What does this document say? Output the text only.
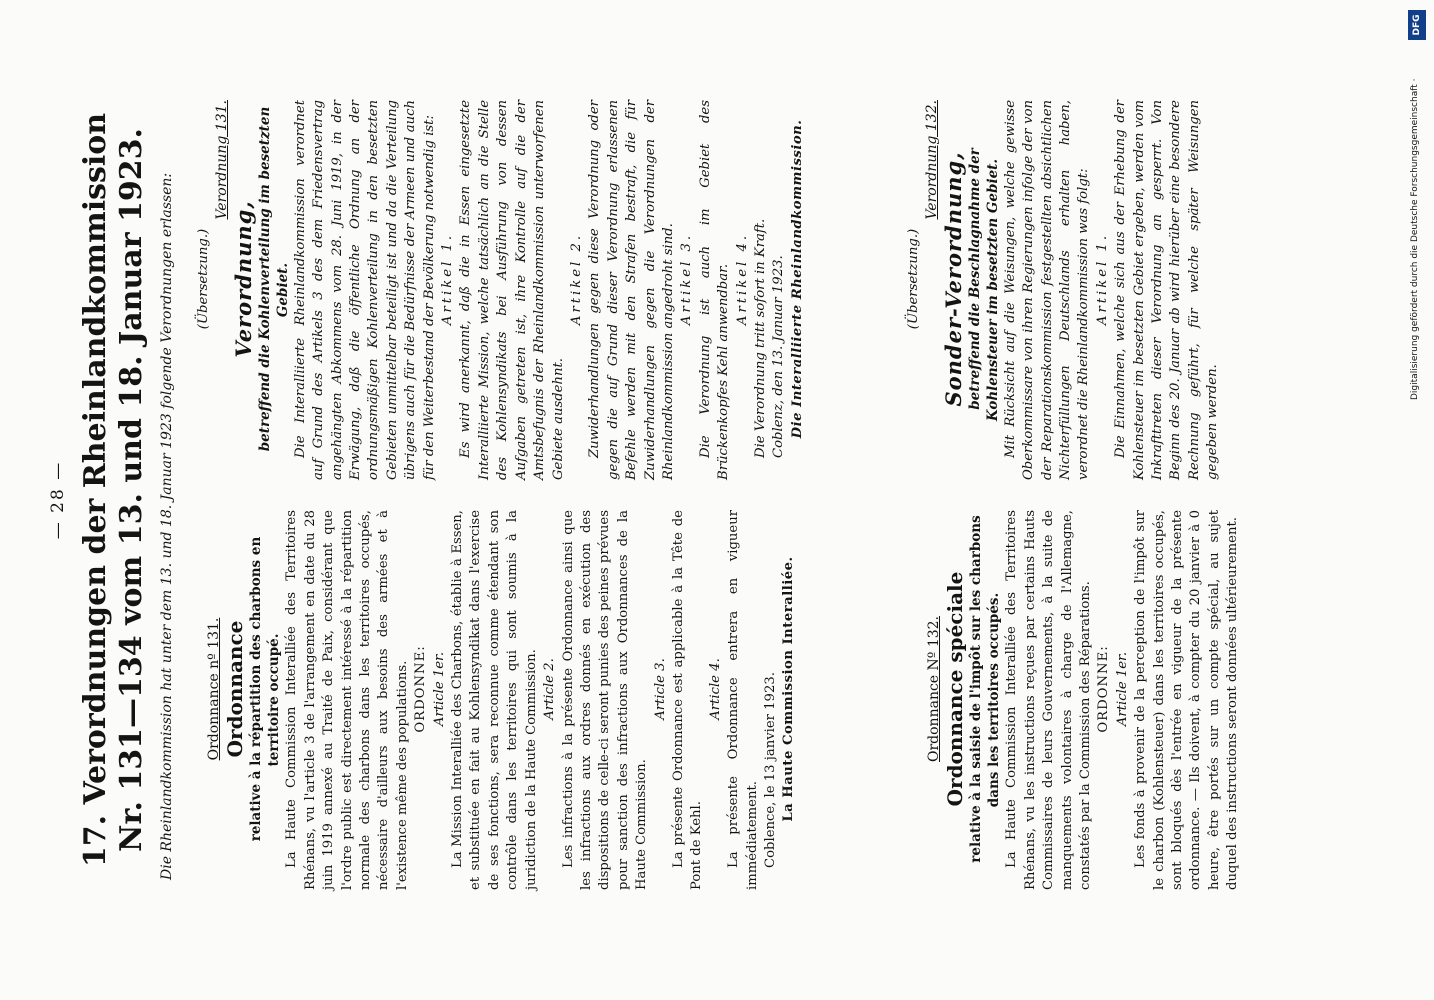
— 28 — 17. Verordnungen der Rheinlandkommission Nr. 131—134 vom 13. und 18. Januar 1923. Die Rheinlandkommission hat unter dem 13. und 18. Januar 1923 folgende Verordnungen erlassen: Ordonnance nº 131. Ordonnance relative à la répartition des charbons en territoire occupé. La Haute Commission Interalliée des Territoires Rhénans, vu l'article 3 de l'arrangement en date du 28 juin 1919 annexé au Traité de Paix, considérant que l'ordre public est directement intéressé à la répartition normale des charbons dans les territoires occupés, nécessaire d'ailleurs aux besoins des armées et à l'existence même des populations. ORDONNE: Article 1er. La Mission Interalliée des Charbons, établie à Essen, et substituée en fait au Kohlensyndikat dans l'exercise de ses fonctions, sera reconnue comme étendant son contrôle dans les territoires qui sont soumis à la juridiction de la Haute Commission. Article 2. Les infractions à la présente Ordonnance ainsi que les infractions aux ordres donnés en exécution des dispositions de celle-ci seront punies des peines prévues pour sanction des infractions aux Ordonnances de la Haute Commission.

Article 3. La présente Ordonnance est applicable à la Tête de Pont de Kehl.

Article 4. La présente Ordonnance entrera en vigueur immédiatement. Coblence, le 13 janvier 1923. La Haute Commission Interalliée.

(Übersetzung.)

Verordnung 131.

Verordnung, betreffend die Kohlenverteilung im besetzten Gebiet. Die Interalliierte Rheinlandkommission verordnet auf Grund des Artikels 3 des dem Friedensvertrag angehängten Abkommens vom 28. Juni 1919, in der Erwägung, daß die öffentliche Ordnung an der ordnungsmäßigen Kohlenverteilung in den besetzten Gebieten unmittelbar beteiligt ist und da die Verteilung übrigens auch für die Bedürfnisse der Armeen und auch für den Weiterbestand der Bevölkerung notwendig ist: Artikel 1. Es wird anerkannt, daß die in Essen eingesetzte Interalliierte Mission, welche tatsächlich an die Stelle des Kohlensyndikats bei Ausführung von dessen Aufgaben getreten ist, ihre Kontrolle auf die der Amtsbefugnis der Rheinlandkommission unterworfenen Gebiete ausdehnt.

Artikel 2. Zuwiderhandlungen gegen diese Verordnung oder gegen die auf Grund dieser Verordnung erlassenen Befehle werden mit den Strafen bestraft, die für Zuwiderhandlungen gegen die Verordnungen der Rheinlandkommission angedroht sind. Artikel 3. Die Verordnung ist auch im Gebiet des Brückenkopfes Kehl anwendbar. Artikel 4. Die Verordnung tritt sofort in Kraft. Coblenz, den 13. Januar 1923. Die Interalliierte Rheinlandkommission.

Ordonnance Nº 132. Ordonnance spéciale relative à la saisie de l'impôt sur les charbons dans les territoires occupés. La Haute Commission Interalliée des Territoires Rhénans, vu les instructions reçues par certains Hauts Commissaires de leurs Gouvernements, à la suite de manquements volontaires à charge de l'Allemagne, constatés par la Commission des Réparations. ORDONNE: Article 1er. Les fonds à provenir de la perception de l'impôt sur le charbon (Kohlensteuer) dans les territoires occupés, sont bloqués dès l'entrée en vigueur de la présente ordonnance. — Ils doivent, à compter du 20 janvier à 0 heure, être portés sur un compte spécial, au sujet duquel des instructions seront données ultérieurement.

(Übersetzung.)

Verordnung 132. Sonder-Verordnung, betreffend die Beschlagnahme der Kohlensteuer im besetzten Gebiet. Mit Rücksicht auf die Weisungen, welche gewisse Oberkommissare von ihren Regierungen infolge der von der Reparationskommission festgestellten absichtlichen Nichterfüllungen Deutschlands erhalten haben, verordnet die Rheinlandkommission was folgt: Artikel 1. Die Einnahmen, welche sich aus der Erhebung der Kohlensteuer im besetzten Gebiet ergeben, werden vom Inkrafttreten dieser Verordnung an gesperrt. Von Beginn des 20. Januar ab wird hierüber eine besondere Rechnung geführt, für welche später Weisungen gegeben werden.

Digitalisierung gefördert durch die Deutsche Forschungsgemeinschaft ·
DFG
